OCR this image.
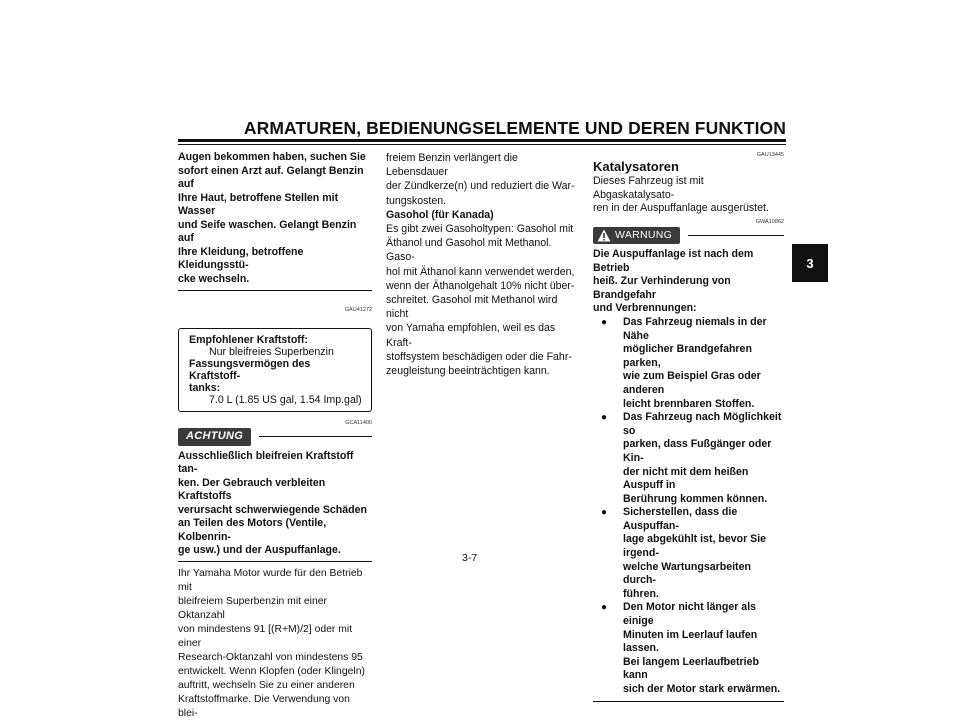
ARMATUREN, BEDIENUNGSELEMENTE UND DEREN FUNKTION
3

Augen bekommen haben, suchen Sie

sofort einen Arzt auf. Gelangt Benzin auf

Ihre Haut, betroffene Stellen mit Wasser

und Seife waschen. Gelangt Benzin auf

Ihre Kleidung, betroffene Kleidungsstü-

cke wechseln.

GAU41272

Empfohlener Kraftstoff:

Nur bleifreies Superbenzin

Fassungsvermögen des Kraftstoff-

tanks:

7.0 L (1.85 US gal, 1.54 Imp.gal)

GCA11400

ACHTUNG

Ausschließlich bleifreien Kraftstoff tan-

ken. Der Gebrauch verbleiten Kraftstoffs

verursacht schwerwiegende Schäden

an Teilen des Motors (Ventile, Kolbenrin-

ge usw.) und der Auspuffanlage.

Ihr Yamaha Motor wurde für den Betrieb mit

bleifreiem Superbenzin mit einer Oktanzahl

von mindestens 91 [(R+M)/2] oder mit einer

Research-Oktanzahl von mindestens 95

entwickelt. Wenn Klopfen (oder Klingeln)

auftritt, wechseln Sie zu einer anderen

Kraftstoffmarke. Die Verwendung von blei-

freiem Benzin verlängert die Lebensdauer

der Zündkerze(n) und reduziert die War-

tungskosten.

Gasohol (für Kanada)

Es gibt zwei Gasoholtypen: Gasohol mit

Äthanol und Gasohol mit Methanol. Gaso-

hol mit Äthanol kann verwendet werden,

wenn der Äthanolgehalt 10% nicht über-

schreitet. Gasohol mit Methanol wird nicht

von Yamaha empfohlen, weil es das Kraft-

stoffsystem beschädigen oder die Fahr-

zeugleistung beeinträchtigen kann.

GAU13445

Katalysatoren

Dieses Fahrzeug ist mit Abgaskatalysato-

ren in der Auspuffanlage ausgerüstet.

GWA10862

WARNUNG

Die Auspuffanlage ist nach dem Betrieb

heiß. Zur Verhinderung von Brandgefahr

und Verbrennungen:

●	Das Fahrzeug niemals in der Nähe

möglicher Brandgefahren parken,

wie zum Beispiel Gras oder anderen

leicht brennbaren Stoffen.

●	Das Fahrzeug nach Möglichkeit so

parken, dass Fußgänger oder Kin-

der nicht mit dem heißen Auspuff in

Berührung kommen können.

●	Sicherstellen, dass die Auspuffan-

lage abgekühlt ist, bevor Sie irgend-

welche Wartungsarbeiten durch-

führen.

●	Den Motor nicht länger als einige

Minuten im Leerlauf laufen lassen.

Bei langem Leerlaufbetrieb kann

sich der Motor stark erwärmen.

3-7
